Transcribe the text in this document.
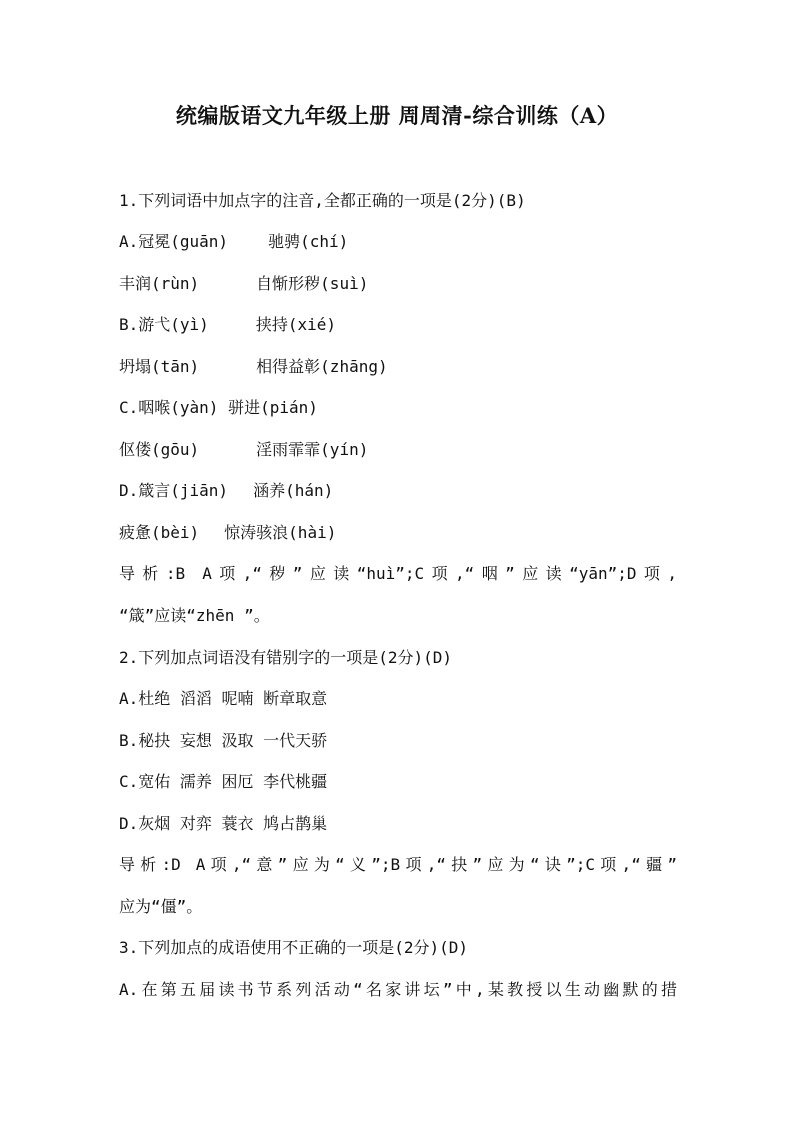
统编版语文九年级上册 周周清-综合训练（A）
1.下列词语中加点字的注音,全都正确的一项是(2分)(B)
A.冠冕(guān)	驰骋(chí)
丰润(rùn)	自惭形秽(suì)
B.游弋(yì)	挟持(xié)
坍塌(tān)	相得益彰(zhāng)
C.咽喉(yàn) 骈进(pián)
伛偻(gōu)	淫雨霏霏(yín)
D.箴言(jiān) 涵养(hán)
疲惫(bèi) 惊涛骇浪(hài)
导析:B A项,“秽”应读“huì”;C项,“咽”应读“yān”;D项,
“箴”应读“zhēn ”。
2.下列加点词语没有错别字的一项是(2分)(D)
A.杜绝 滔滔 呢喃 断章取意
B.秘抉 妄想 汲取 一代天骄
C.宽佑 濡养 困厄 李代桃疆
D.灰烟 对弈 蓑衣 鸠占鹊巢
导析:D A项,“意”应为“义”;B项,“抉”应为“诀”;C项,“疆”
应为“僵”。
3.下列加点的成语使用不正确的一项是(2分)(D)
A.在第五届读书节系列活动“名家讲坛”中,某教授以生动幽默的措
